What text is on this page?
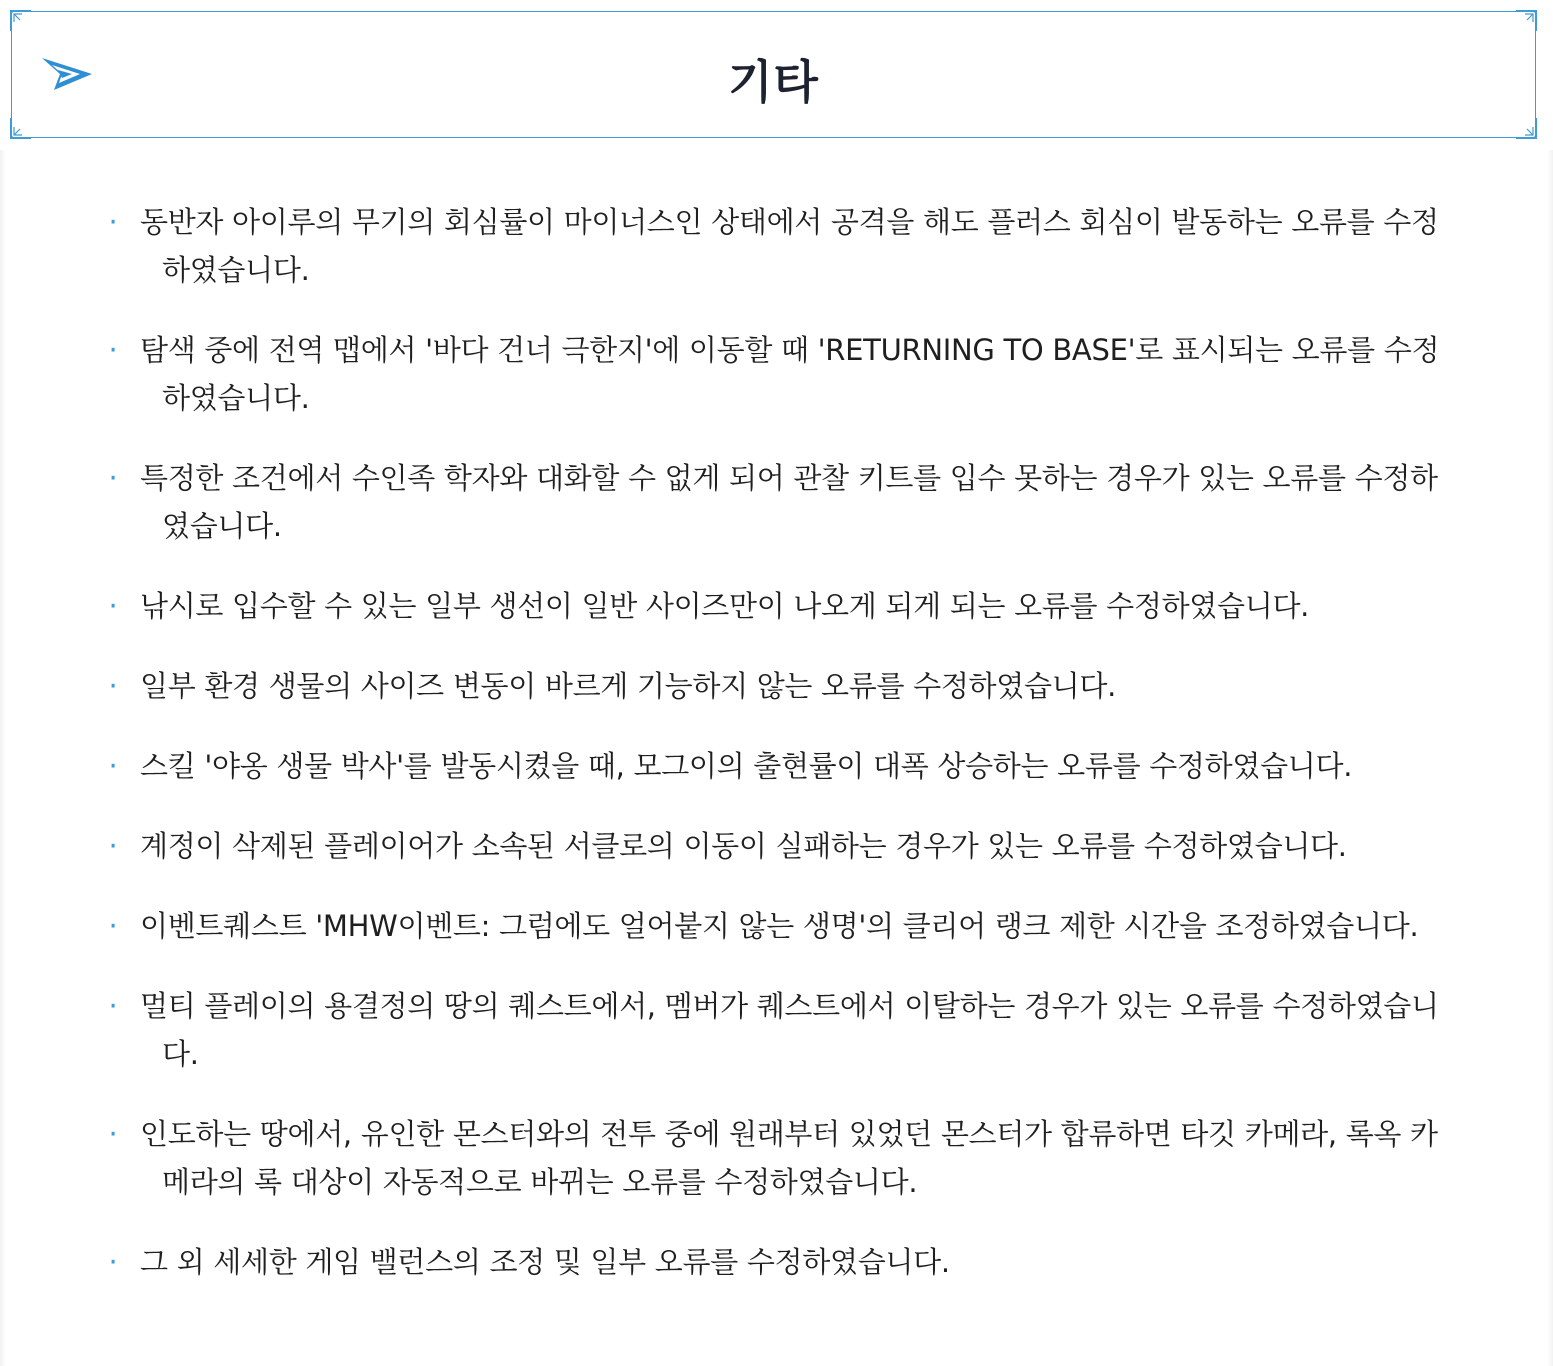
기타
· 동반자 아이루의 무기의 회심률이 마이너스인 상태에서 공격을 해도 플러스 회심이 발동하는 오류를 수정하였습니다.
· 탐색 중에 전역 맵에서 '바다 건너 극한지'에 이동할 때 'RETURNING TO BASE'로 표시되는 오류를 수정하였습니다.
· 특정한 조건에서 수인족 학자와 대화할 수 없게 되어 관찰 키트를 입수 못하는 경우가 있는 오류를 수정하였습니다.
· 낚시로 입수할 수 있는 일부 생선이 일반 사이즈만이 나오게 되게 되는 오류를 수정하였습니다.
· 일부 환경 생물의 사이즈 변동이 바르게 기능하지 않는 오류를 수정하였습니다.
· 스킬 '야옹 생물 박사'를 발동시켰을 때, 모그이의 출현률이 대폭 상승하는 오류를 수정하였습니다.
· 계정이 삭제된 플레이어가 소속된 서클로의 이동이 실패하는 경우가 있는 오류를 수정하였습니다.
· 이벤트퀘스트 'MHW이벤트: 그럼에도 얼어붙지 않는 생명'의 클리어 랭크 제한 시간을 조정하였습니다.
· 멀티 플레이의 용결정의 땅의 퀘스트에서, 멤버가 퀘스트에서 이탈하는 경우가 있는 오류를 수정하였습니다.
· 인도하는 땅에서, 유인한 몬스터와의 전투 중에 원래부터 있었던 몬스터가 합류하면 타깃 카메라, 록옥 카메라의 록 대상이 자동적으로 바뀌는 오류를 수정하였습니다.
· 그 외 세세한 게임 밸런스의 조정 및 일부 오류를 수정하였습니다.
